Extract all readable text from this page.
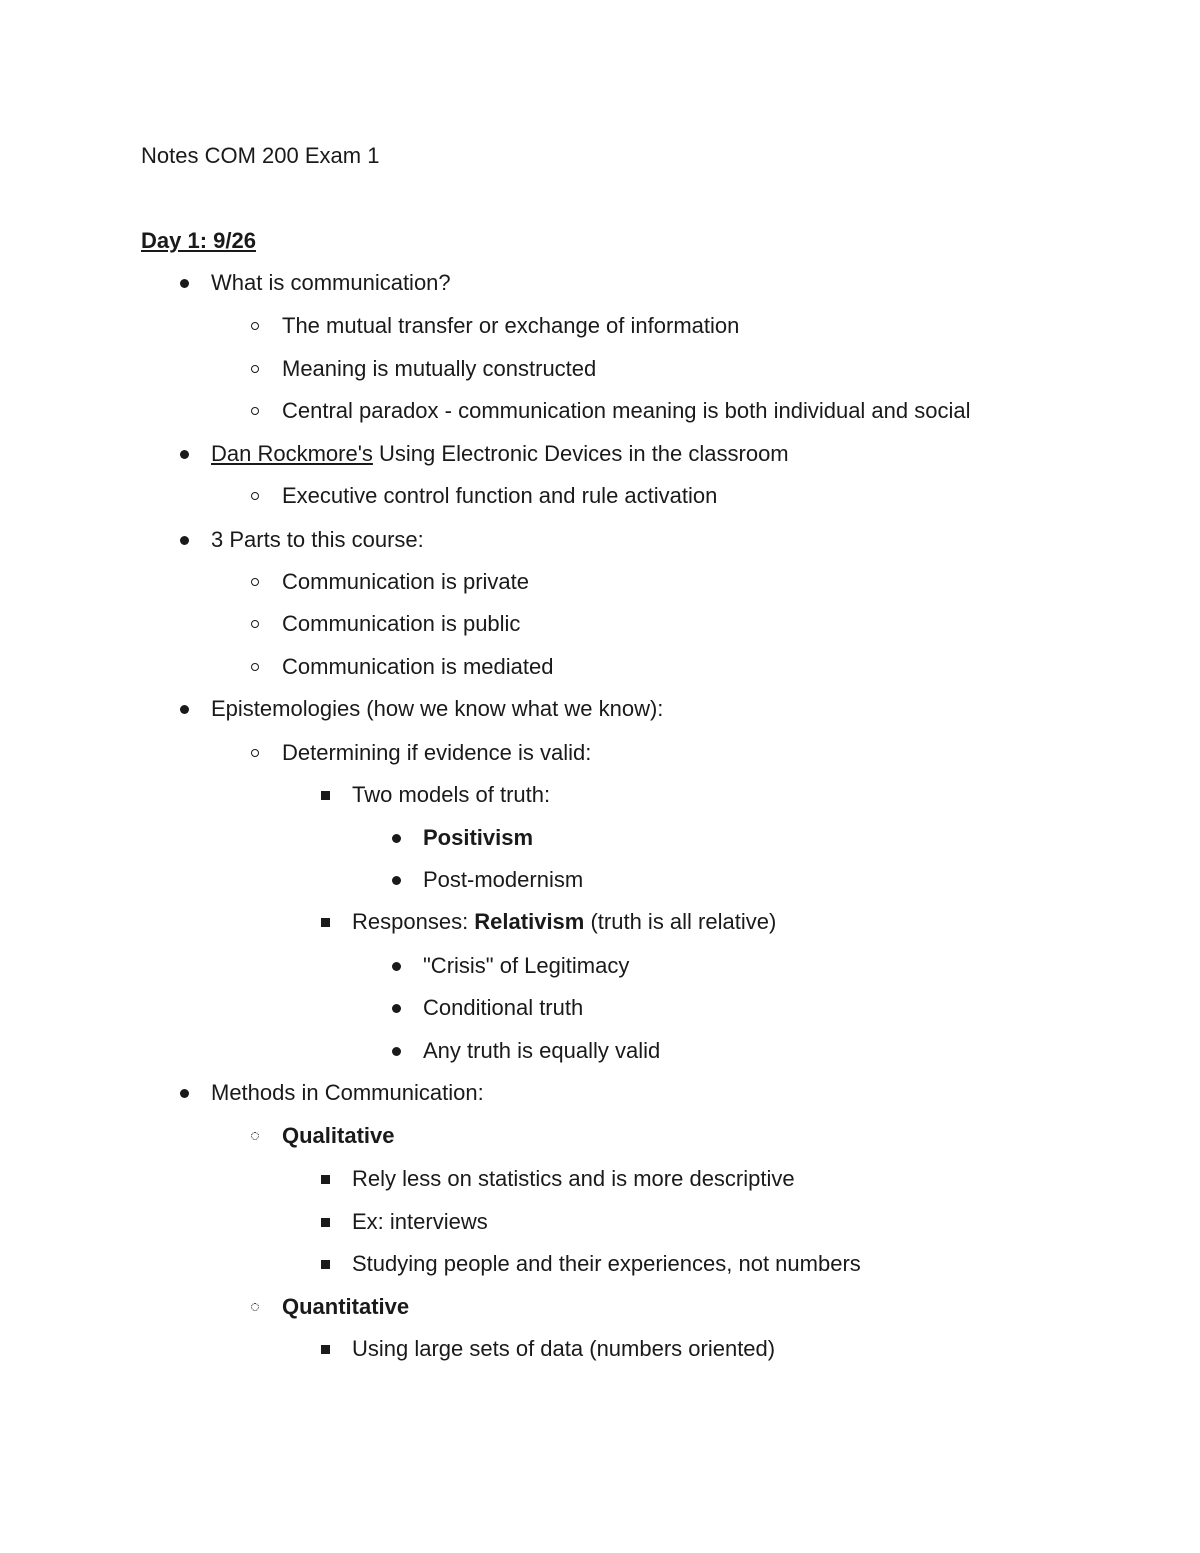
Notes COM 200 Exam 1
Day 1: 9/26
What is communication?
The mutual transfer or exchange of information
Meaning is mutually constructed
Central paradox - communication meaning is both individual and social
Dan Rockmore's Using Electronic Devices in the classroom
Executive control function and rule activation
3 Parts to this course:
Communication is private
Communication is public
Communication is mediated
Epistemologies (how we know what we know):
Determining if evidence is valid:
Two models of truth:
Positivism
Post-modernism
Responses: Relativism (truth is all relative)
"Crisis" of Legitimacy
Conditional truth
Any truth is equally valid
Methods in Communication:
Qualitative
Rely less on statistics and is more descriptive
Ex: interviews
Studying people and their experiences, not numbers
Quantitative
Using large sets of data (numbers oriented)
